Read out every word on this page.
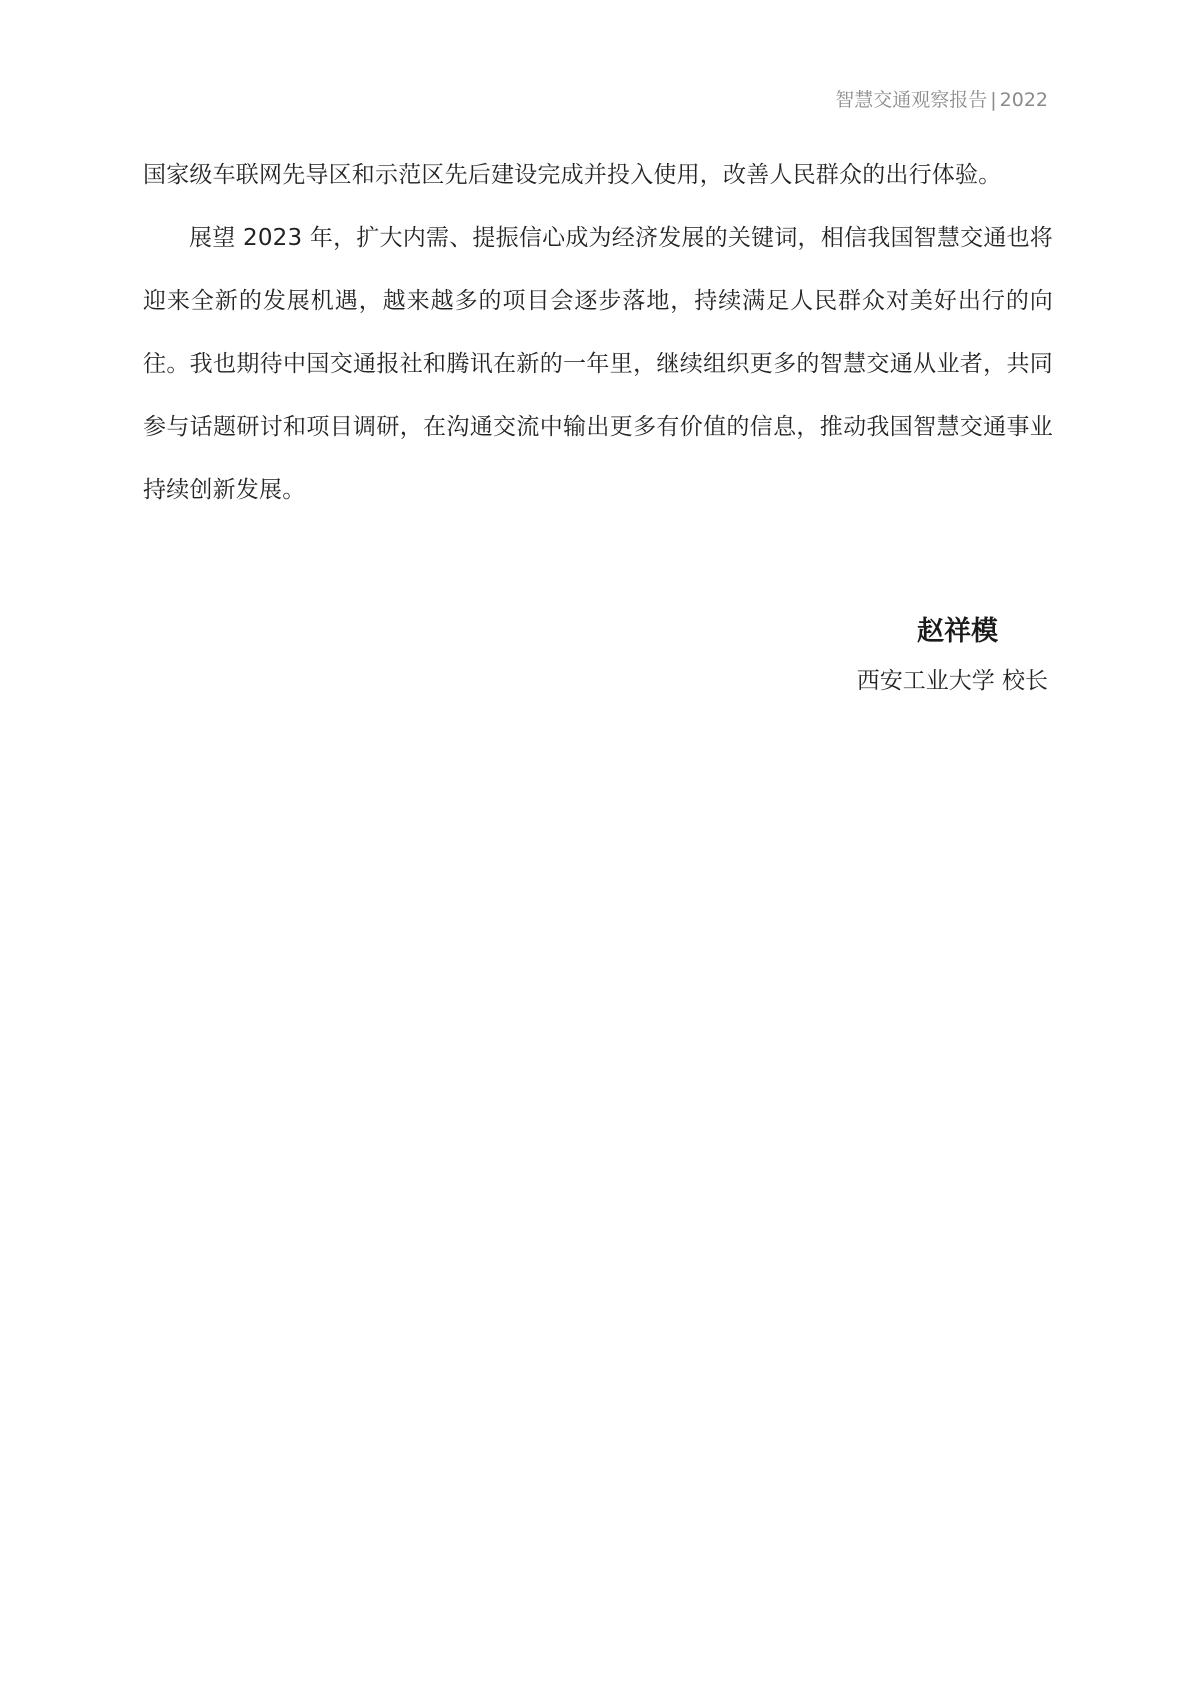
智慧交通观察报告 | 2022

国家级车联网先导区和示范区先后建设完成并投入使用，改善人民群众的出行体验。

展望 2023 年，扩大内需、提振信心成为经济发展的关键词，相信我国智慧交通也将迎来全新的发展机遇，越来越多的项目会逐步落地，持续满足人民群众对美好出行的向往。我也期待中国交通报社和腾讯在新的一年里，继续组织更多的智慧交通从业者，共同参与话题研讨和项目调研，在沟通交流中输出更多有价值的信息，推动我国智慧交通事业持续创新发展。

赵祥模
西安工业大学 校长
